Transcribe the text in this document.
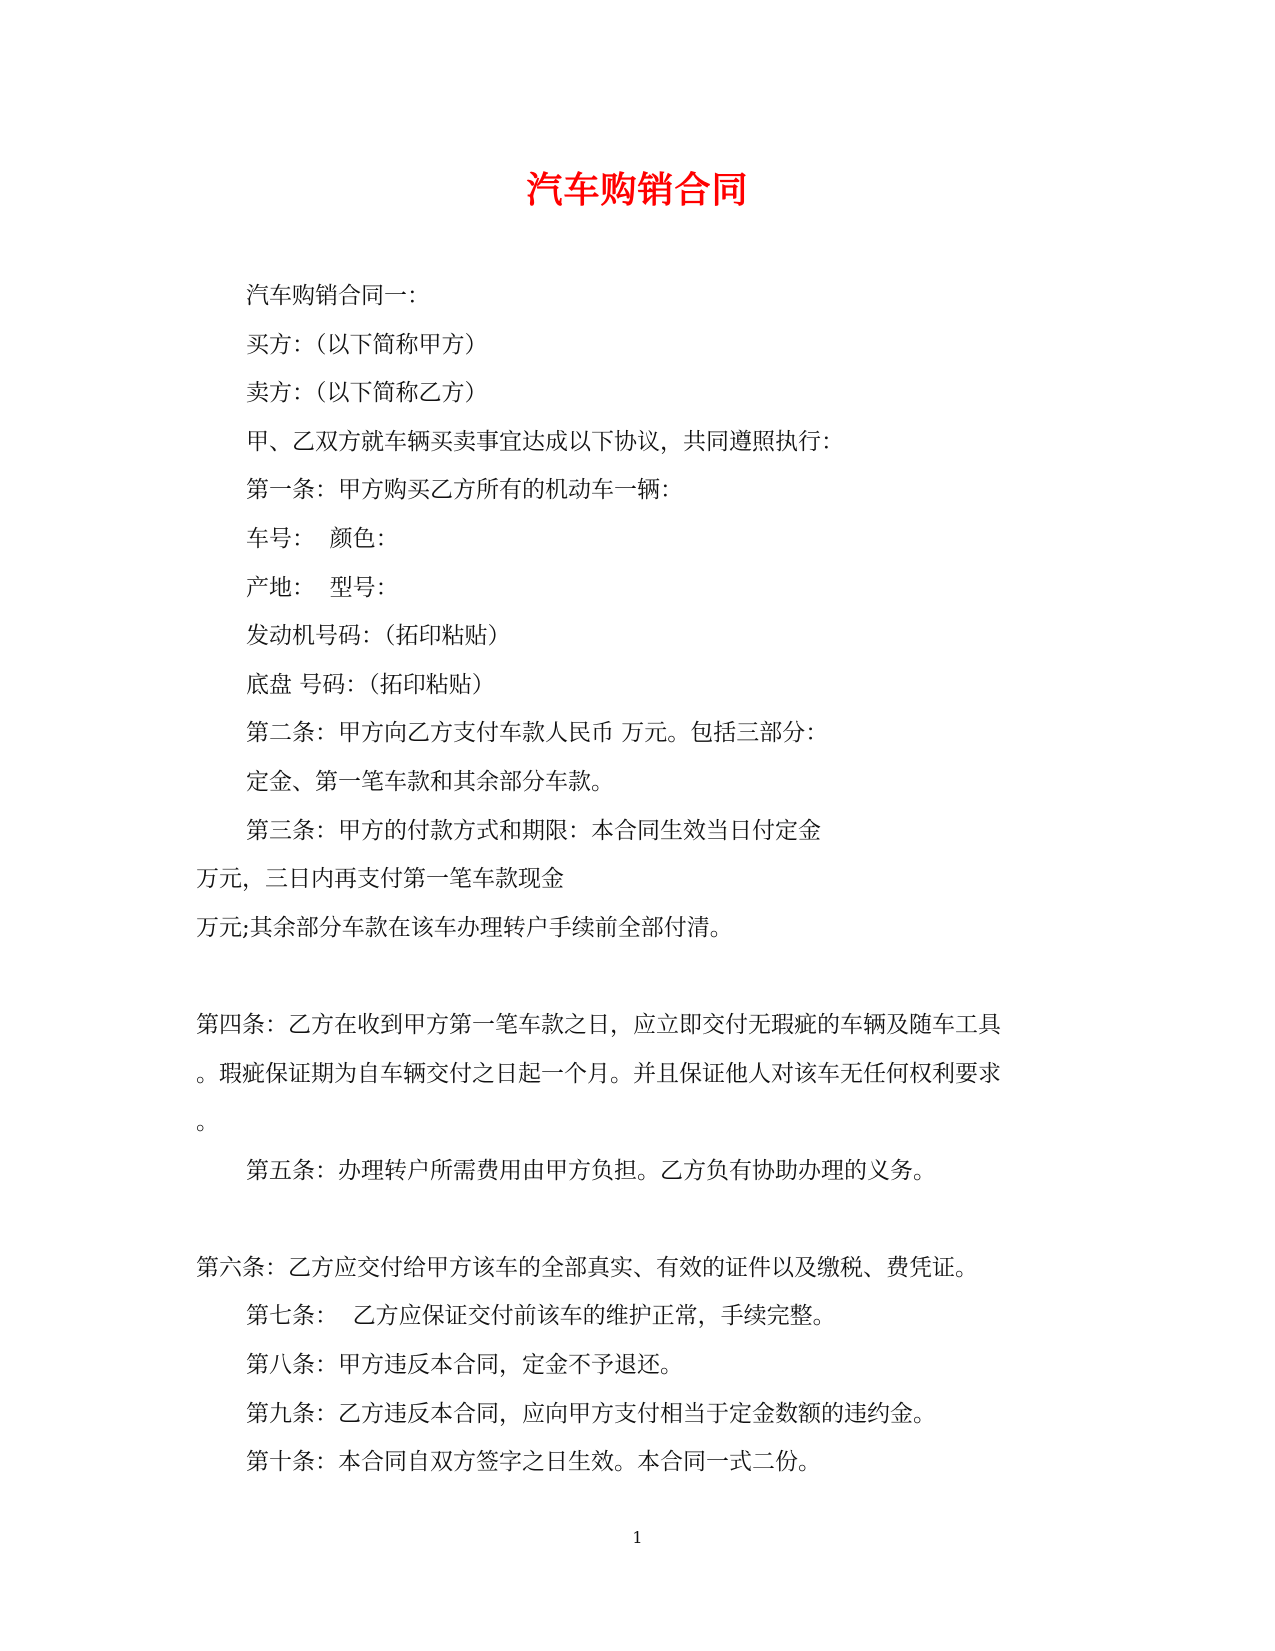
汽车购销合同
汽车购销合同一：
买方：（以下简称甲方）
卖方：（以下简称乙方）
甲、乙双方就车辆买卖事宜达成以下协议，共同遵照执行：
第一条：甲方购买乙方所有的机动车一辆：
车号：  颜色：
产地：  型号：
发动机号码：（拓印粘贴）
底盘 号码：（拓印粘贴）
第二条：甲方向乙方支付车款人民币 万元。包括三部分：
定金、第一笔车款和其余部分车款。
第三条：甲方的付款方式和期限：本合同生效当日付定金
万元，三日内再支付第一笔车款现金
万元;其余部分车款在该车办理转户手续前全部付清。
第四条：乙方在收到甲方第一笔车款之日，应立即交付无瑕疵的车辆及随车工具
。瑕疵保证期为自车辆交付之日起一个月。并且保证他人对该车无任何权利要求
。
第五条：办理转户所需费用由甲方负担。乙方负有协助办理的义务。
第六条：乙方应交付给甲方该车的全部真实、有效的证件以及缴税、费凭证。
第七条：  乙方应保证交付前该车的维护正常，手续完整。
第八条：甲方违反本合同，定金不予退还。
第九条：乙方违反本合同，应向甲方支付相当于定金数额的违约金。
第十条：本合同自双方签字之日生效。本合同一式二份。
1
